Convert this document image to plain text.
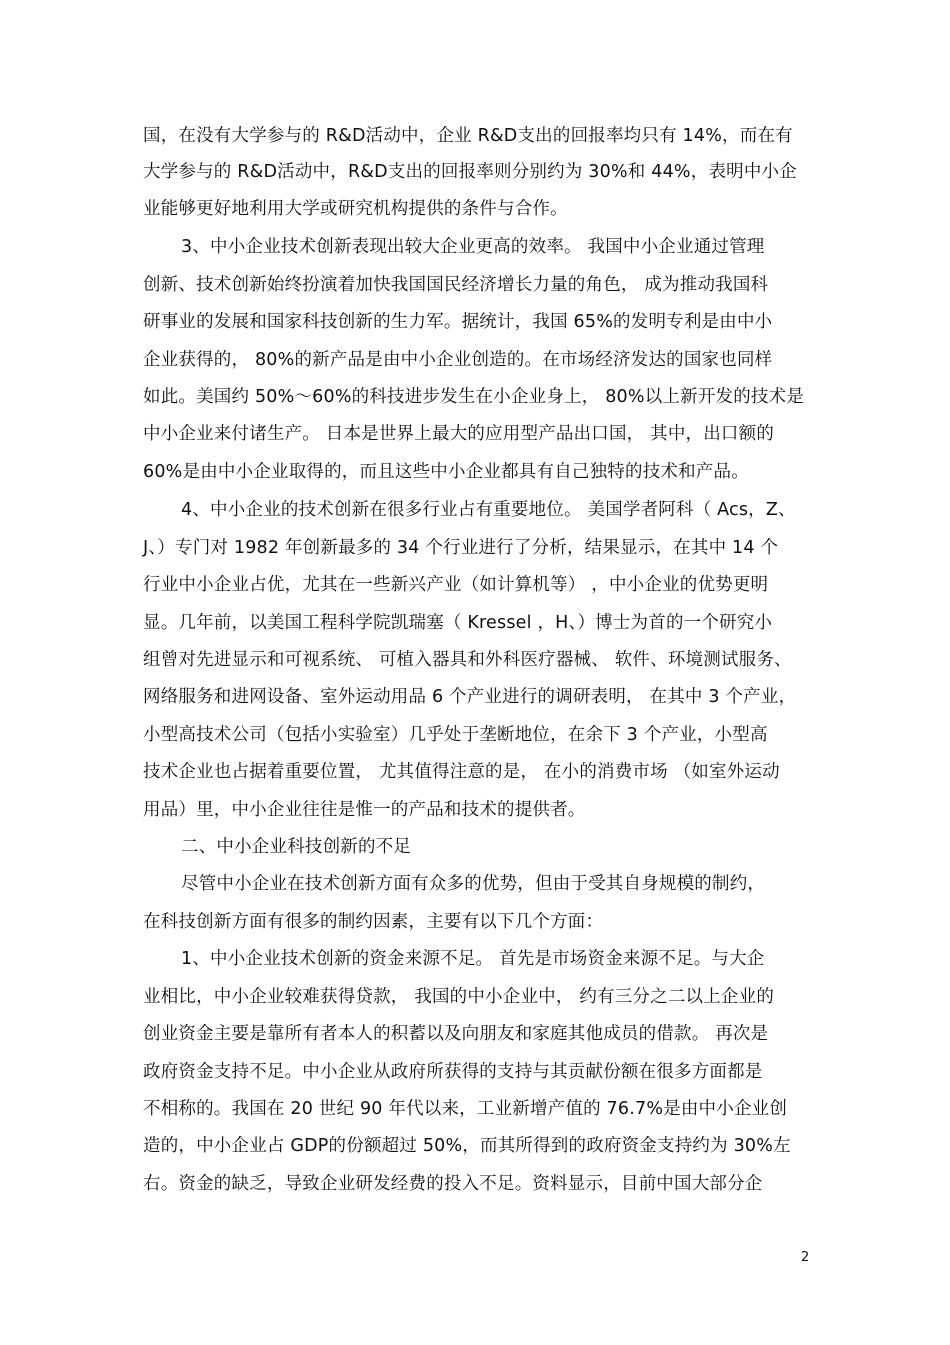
国，在没有大学参与的 R&D活动中，企业 R&D支出的回报率均只有 14%，而在有
大学参与的 R&D活动中，R&D支出的回报率则分别约为 30%和 44%，表明中小企
业能够更好地利用大学或研究机构提供的条件与合作。
3、中小企业技术创新表现出较大企业更高的效率。 我国中小企业通过管理
创新、技术创新始终扮演着加快我国国民经济增长力量的角色， 成为推动我国科
研事业的发展和国家科技创新的生力军。据统计，我国 65%的发明专利是由中小
企业获得的， 80%的新产品是由中小企业创造的。在市场经济发达的国家也同样
如此。美国约 50%～60%的科技进步发生在小企业身上， 80%以上新开发的技术是
中小企业来付诸生产。 日本是世界上最大的应用型产品出口国， 其中，出口额的
60%是由中小企业取得的，而且这些中小企业都具有自己独特的技术和产品。
4、中小企业的技术创新在很多行业占有重要地位。 美国学者阿科（ Acs，Z、
J、）专门对 1982 年创新最多的 34 个行业进行了分析，结果显示，在其中 14 个
行业中小企业占优，尤其在一些新兴产业（如计算机等） ，中小企业的优势更明
显。几年前，以美国工程科学院凯瑞塞（ Kressel ，H、）博士为首的一个研究小
组曾对先进显示和可视系统、 可植入器具和外科医疗器械、 软件、环境测试服务、
网络服务和进网设备、室外运动用品 6 个产业进行的调研表明， 在其中 3 个产业，
小型高技术公司（包括小实验室）几乎处于垄断地位，在余下 3 个产业，小型高
技术企业也占据着重要位置， 尤其值得注意的是， 在小的消费市场 （如室外运动
用品）里，中小企业往往是惟一的产品和技术的提供者。
二、中小企业科技创新的不足
尽管中小企业在技术创新方面有众多的优势，但由于受其自身规模的制约，
在科技创新方面有很多的制约因素，主要有以下几个方面：
1、中小企业技术创新的资金来源不足。 首先是市场资金来源不足。与大企
业相比，中小企业较难获得贷款， 我国的中小企业中， 约有三分之二以上企业的
创业资金主要是靠所有者本人的积蓄以及向朋友和家庭其他成员的借款。 再次是
政府资金支持不足。中小企业从政府所获得的支持与其贡献份额在很多方面都是
不相称的。我国在 20 世纪 90 年代以来，工业新增产值的 76.7%是由中小企业创
造的，中小企业占 GDP的份额超过 50%，而其所得到的政府资金支持约为 30%左
右。资金的缺乏，导致企业研发经费的投入不足。资料显示，目前中国大部分企
2
